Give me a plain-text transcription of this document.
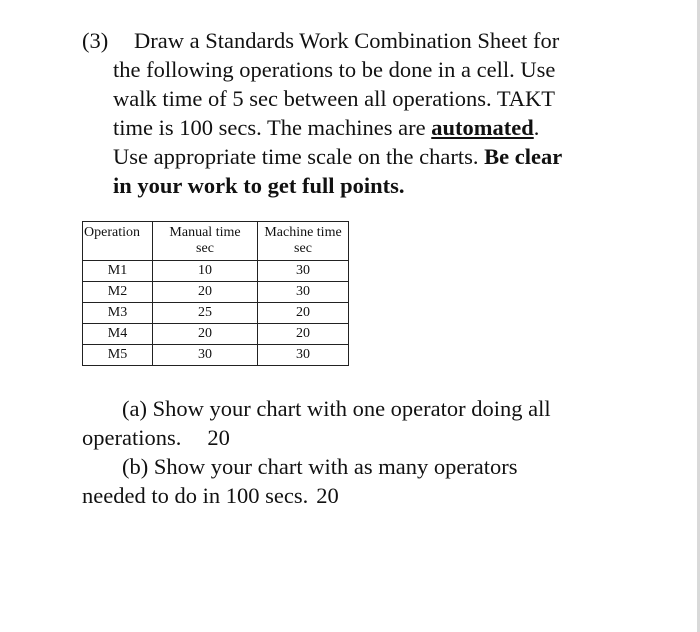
(3) Draw a Standards Work Combination Sheet for
the following operations to be done in a cell. Use
walk time of 5 sec between all operations. TAKT
time is 100 secs. The machines are automated.
Use appropriate time scale on the charts. Be clear
in your work to get full points.
Operation	Manual time	Machine time
	sec	sec
M1	10	30
M2	20	30
M3	25	20
M4	20	20
M5	30	30
(a) Show your chart with one operator doing all
operations. 20
(b) Show your chart with as many operators
needed to do in 100 secs. 20
